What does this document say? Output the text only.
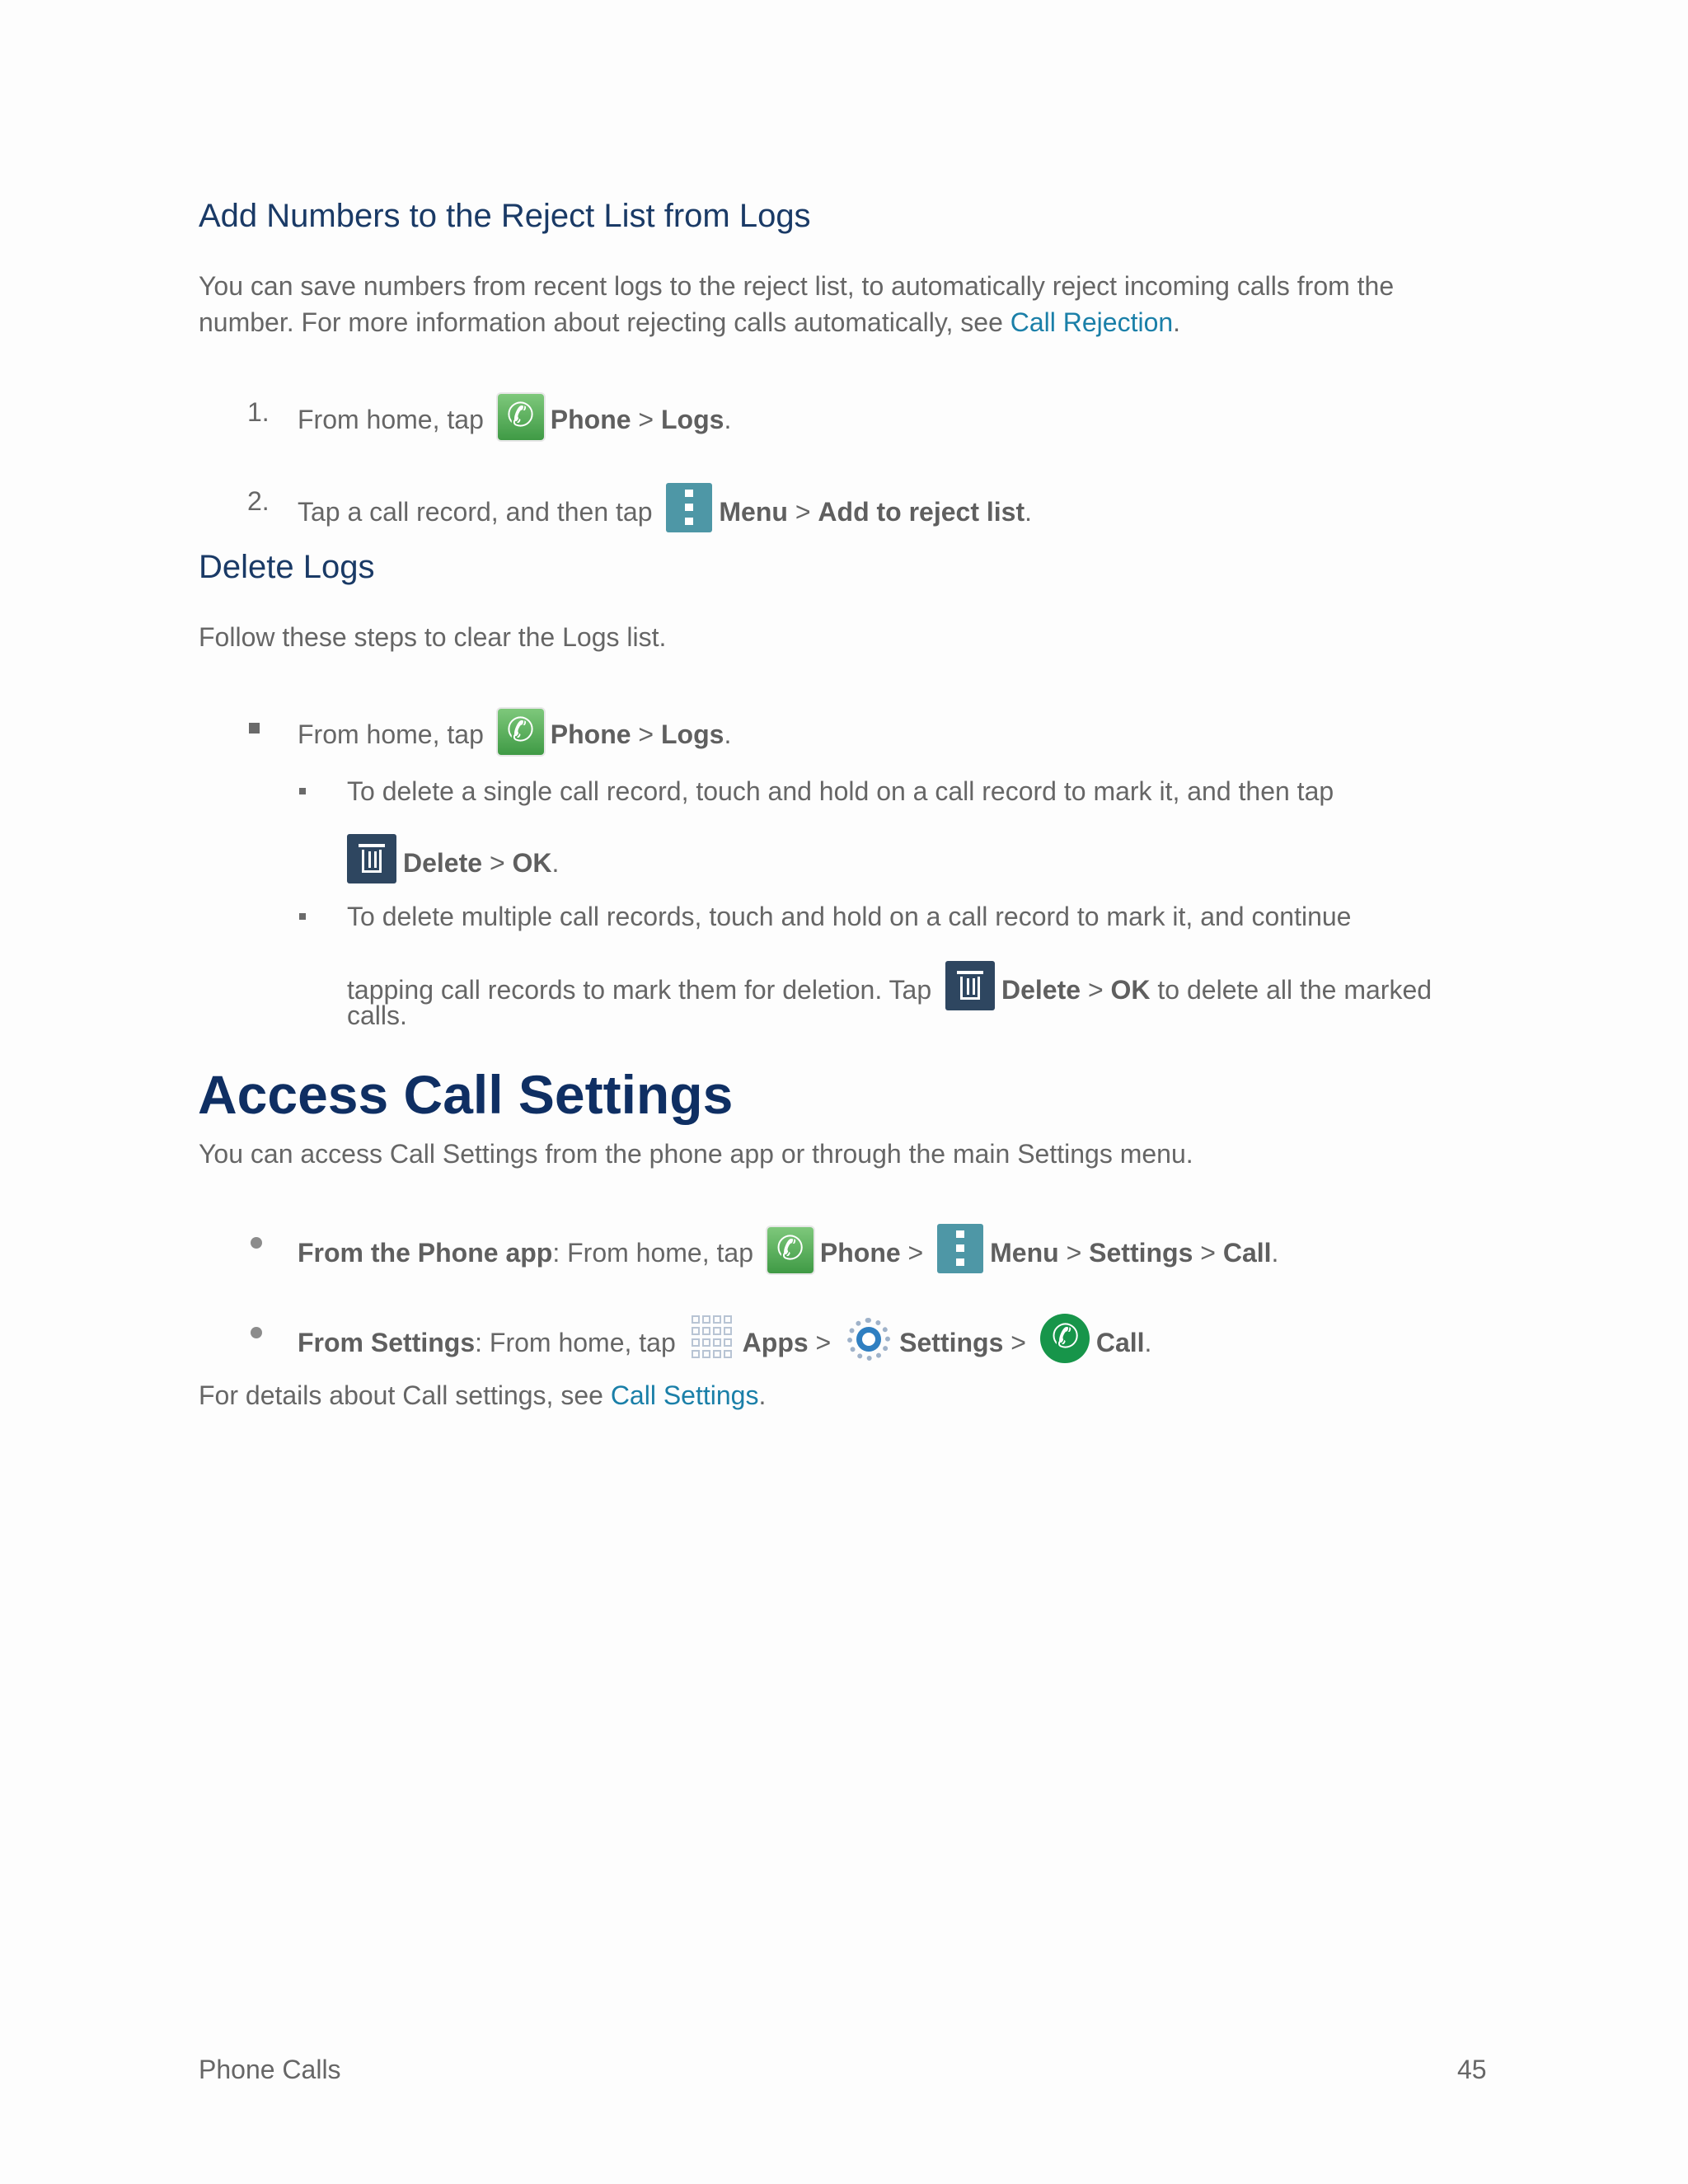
Add Numbers to the Reject List from Logs
You can save numbers from recent logs to the reject list, to automatically reject incoming calls from the
number. For more information about rejecting calls automatically, see Call Rejection.
1. From home, tap ✆	Phone > Logs.
2. Tap a call record, and then tap	Menu > Add to reject list.
Delete Logs
Follow these steps to clear the Logs list.
From home, tap ✆	Phone > Logs.
To delete a single call record, touch and hold on a call record to mark it, and then tap
Delete > OK.
To delete multiple call records, touch and hold on a call record to mark it, and continue
tapping call records to mark them for deletion. Tap	Delete > OK to delete all the marked
calls.
Access Call Settings
You can access Call Settings from the phone app or through the main Settings menu.
From the Phone app: From home, tap ✆	Phone >	Menu > Settings > Call.
From Settings: From home, tap	Apps >	Settings > ✆	Call.
For details about Call settings, see Call Settings.
Phone Calls	45
